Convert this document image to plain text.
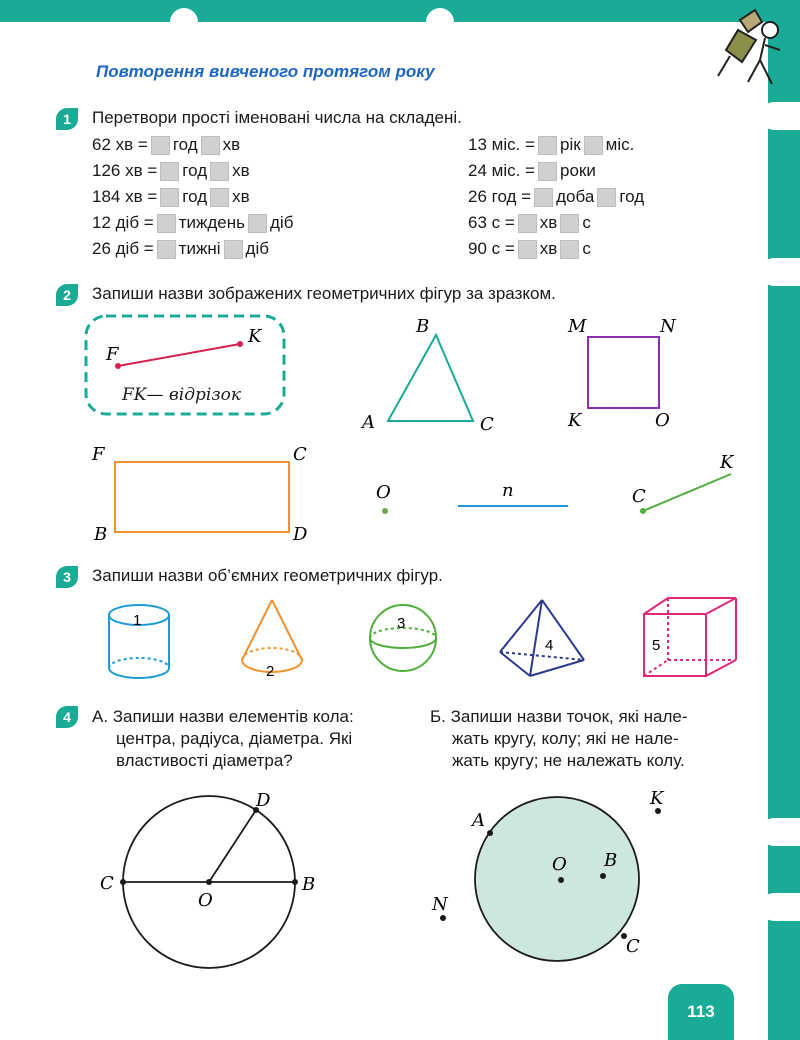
Повторення вивченого протягом року
1	Перетвори прості іменовані числа на складені.
62 хв = год хв
126 хв = год хв
184 хв = год хв
12 діб = тиждень діб
26 діб = тижні діб
13 міс. = рік міс.
24 міс. = роки
26 год = доба год
63 с = хв с
90 с = хв с
2	Запиши назви зображених геометричних фігур за зразком.
F
K	B
A	C
M	N
K	O
F	C
B	D
O	n	C
K
FK— відрізок
3	Запиши назви об’ємних геометричних фігур.
1
2
3
4	5
4	А. Запиши назви елементів кола:
центра, радіуса, діаметра. Які
властивості діаметра?
Б. Запиши назви точок, які нале-
жать кругу, колу; які не нале-
жать кругу; не належать колу.
C
O
B
D
A
O B
C
K
N
113
